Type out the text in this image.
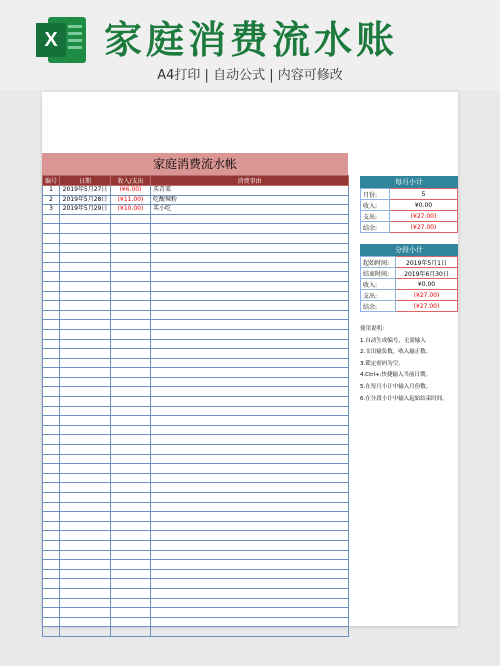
X 家庭消费流水账
A4打印 | 自动公式 | 内容可修改
家庭消费流水帐
编号	日期	收入/支出	消费事由
1	2019年5月27日	(¥6.00)	买青菜
2	2019年5月28日	(¥11.00)	吃酸辣粉
3	2019年5月29日	(¥10.00)	买小吃

每月小计
月份:	5
收入:	¥0.00
支出:	(¥27.00)
结余:	(¥27.00)
分段小计
起始时间:	2019年5月1日
结束时间:	2019年6月30日
收入:	¥0.00
支出:	(¥27.00)
结余:	(¥27.00)
使用说明：
1.自动生成编号，无需输入
2.支出输负数，收入输正数。
3.锁定密码为空。
4.Ctrl+;快捷输入当前日期。
5.在每月小计中输入月份数。
6.在分段小计中输入起始结束时间。
